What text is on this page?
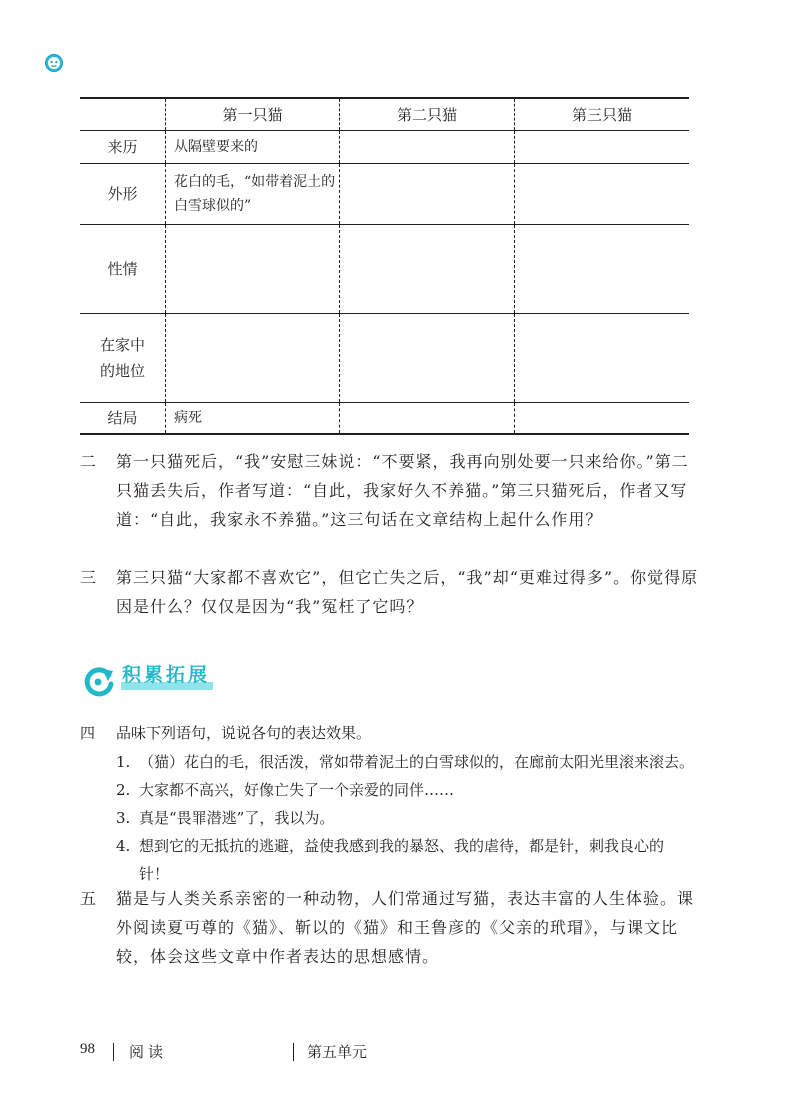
	第一只猫	第二只猫	第三只猫
来历	从隔壁要来的		
外形	花白的毛，“如带着泥土的白雪球似的”		
性情			
在家中的地位			
结局	病死		
二 第一只猫死后，“我”安慰三妹说：“不要紧，我再向别处要一只来给你。”第二只猫丢失后，作者写道：“自此，我家好久不养猫。”第三只猫死后，作者又写道：“自此，我家永不养猫。”这三句话在文章结构上起什么作用？
三 第三只猫“大家都不喜欢它”，但它亡失之后，“我”却“更难过得多”。你觉得原因是什么？仅仅是因为“我”冤枉了它吗？
积累拓展
四 品味下列语句，说说各句的表达效果。
1. （猫）花白的毛，很活泼，常如带着泥土的白雪球似的，在廊前太阳光里滚来滚去。
2. 大家都不高兴，好像亡失了一个亲爱的同伴……
3. 真是“畏罪潜逃”了，我以为。
4. 想到它的无抵抗的逃避，益使我感到我的暴怒、我的虐待，都是针，刺我良心的针！
五 猫是与人类关系亲密的一种动物，人们常通过写猫，表达丰富的人生体验。课外阅读夏丏尊的《猫》、靳以的《猫》和王鲁彦的《父亲的玳瑁》，与课文比较，体会这些文章中作者表达的思想感情。
98 阅读	第五单元
